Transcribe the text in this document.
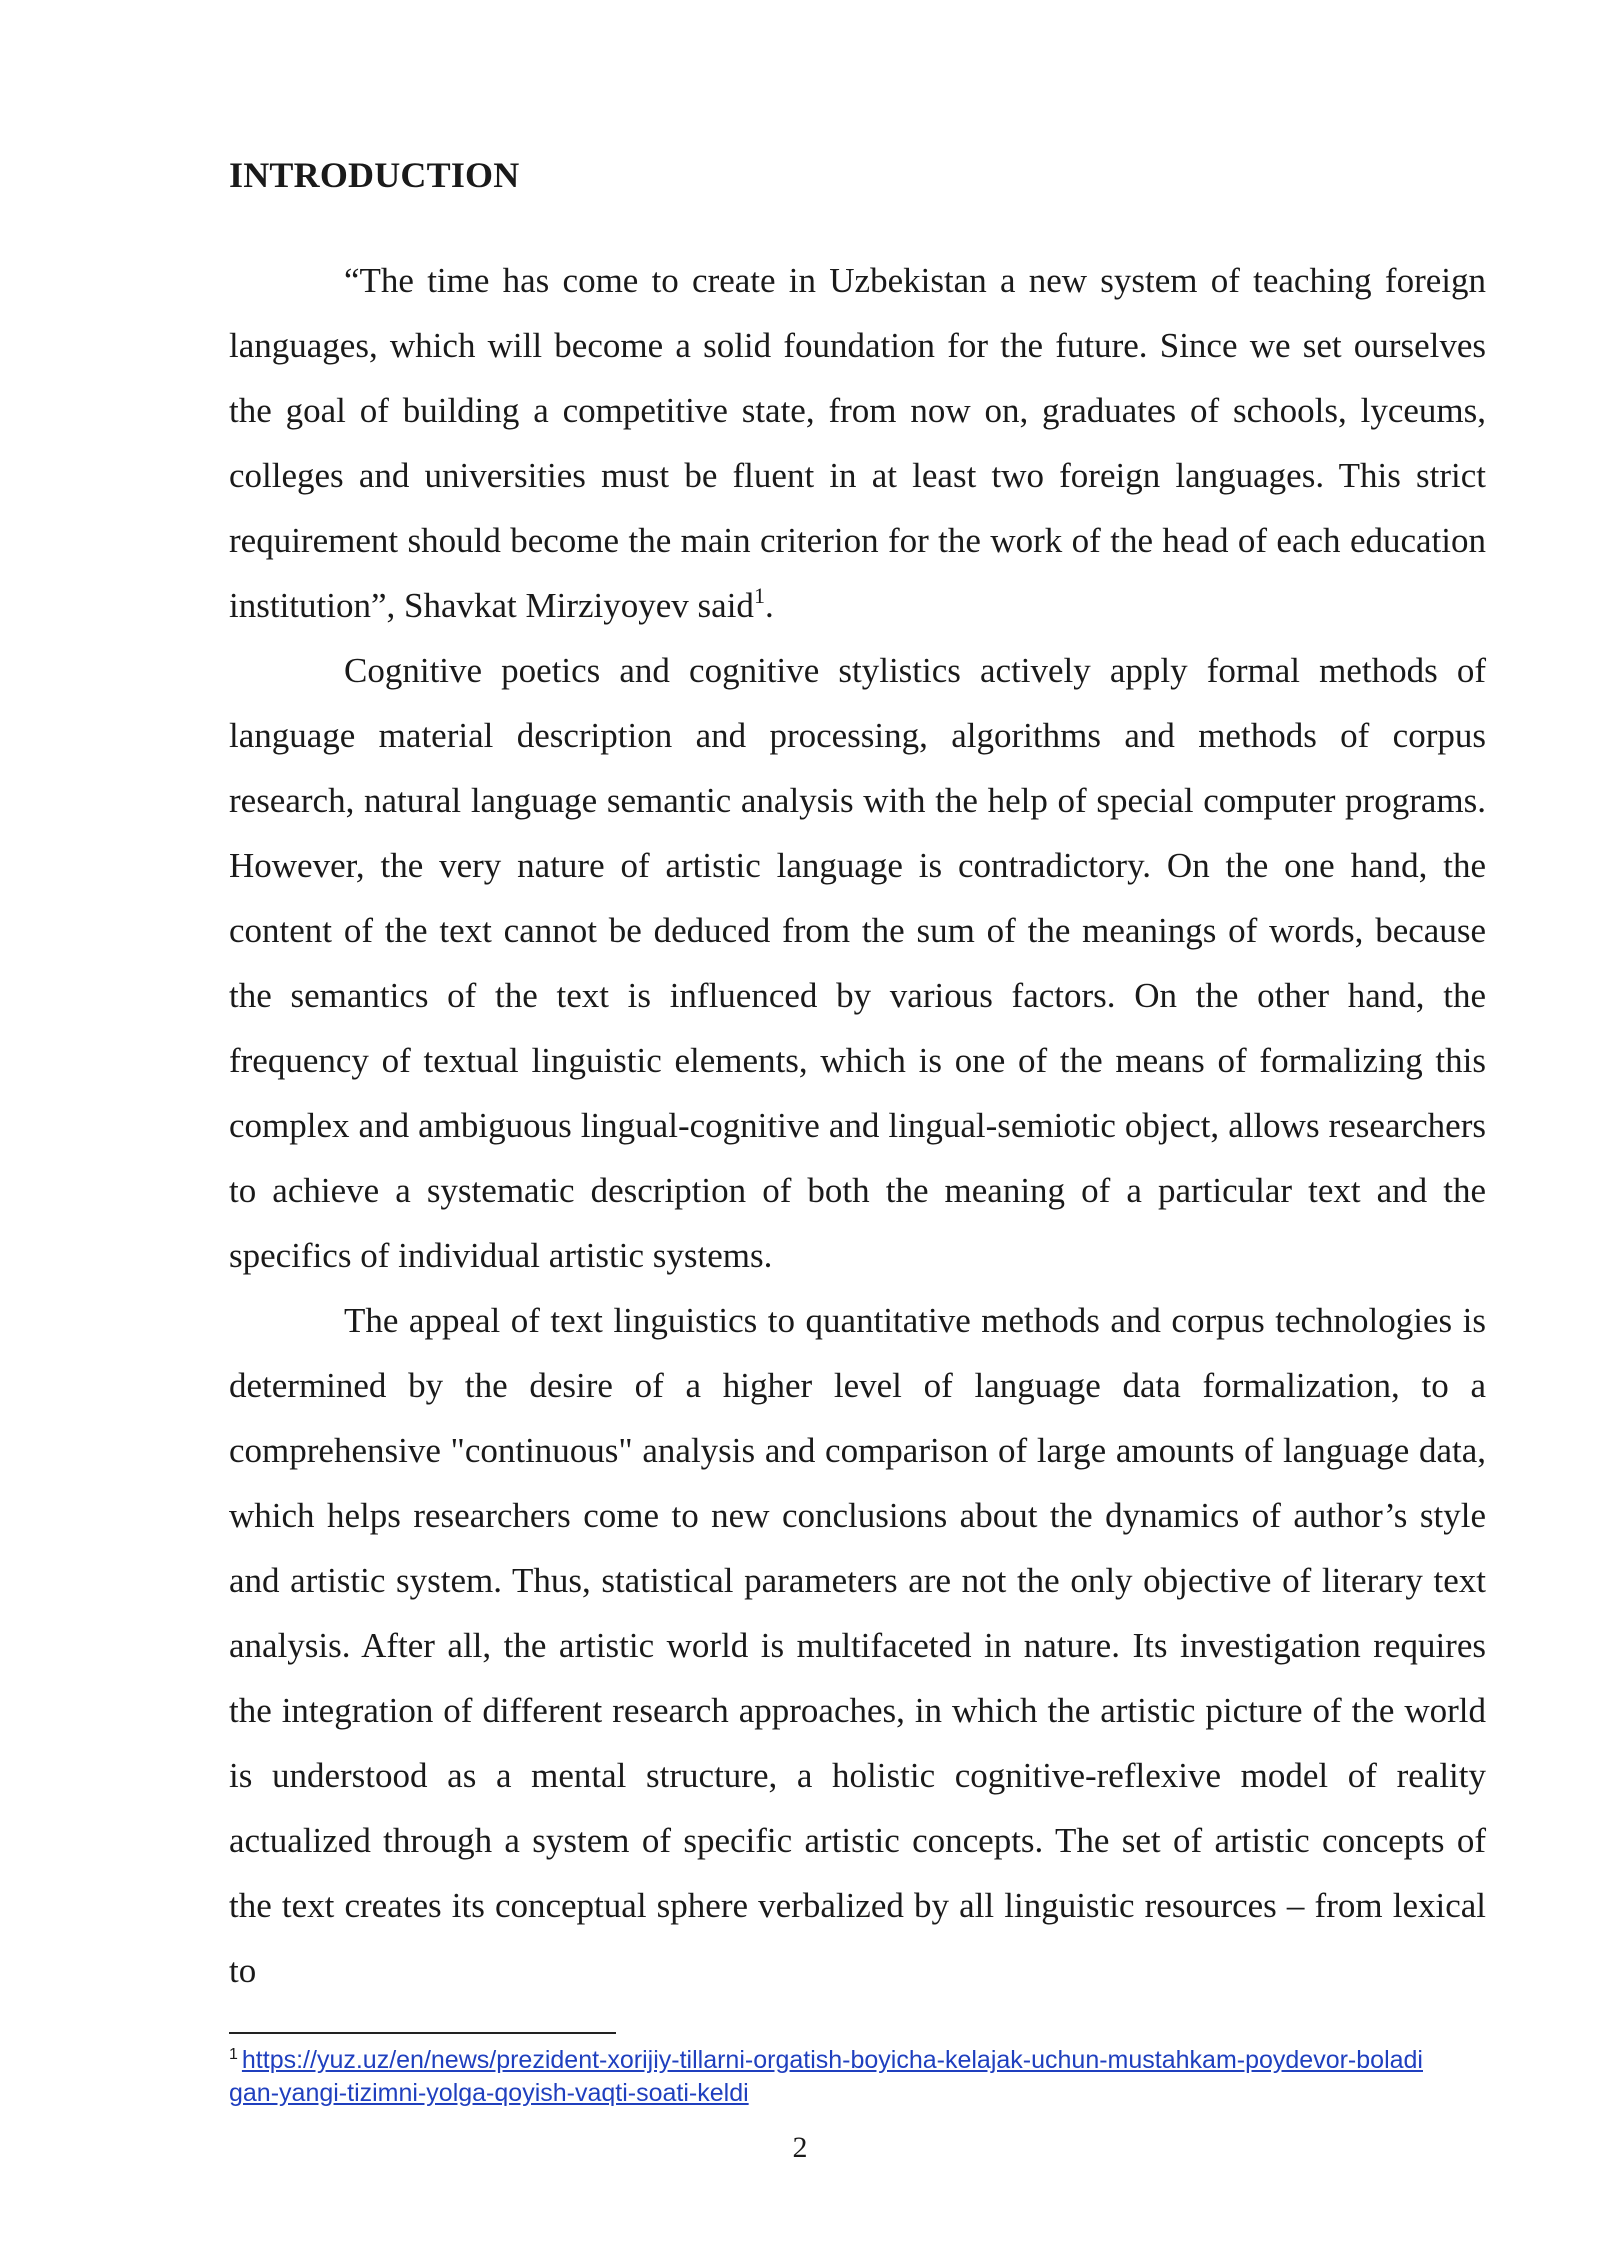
INTRODUCTION

“The time has come to create in Uzbekistan a new system of teaching foreign languages, which will become a solid foundation for the future. Since we set ourselves the goal of building a competitive state, from now on, graduates of schools, lyceums, colleges and universities must be fluent in at least two foreign languages. This strict requirement should become the main criterion for the work of the head of each education institution”, Shavkat Mirziyoyev said$^1$.

Cognitive poetics and cognitive stylistics actively apply formal methods of language material description and processing, algorithms and methods of corpus research, natural language semantic analysis with the help of special computer programs. However, the very nature of artistic language is contradictory. On the one hand, the content of the text cannot be deduced from the sum of the meanings of words, because the semantics of the text is influenced by various factors. On the other hand, the frequency of textual linguistic elements, which is one of the means of formalizing this complex and ambiguous lingual-cognitive and lingual-semiotic object, allows researchers to achieve a systematic description of both the meaning of a particular text and the specifics of individual artistic systems.

The appeal of text linguistics to quantitative methods and corpus technologies is determined by the desire of a higher level of language data formalization, to a comprehensive "continuous" analysis and comparison of large amounts of language data, which helps researchers come to new conclusions about the dynamics of author’s style and artistic system. Thus, statistical parameters are not the only objective of literary text analysis. After all, the artistic world is multifaceted in nature. Its investigation requires the integration of different research approaches, in which the artistic picture of the world is understood as a mental structure, a holistic cognitive-reflexive model of reality actualized through a system of specific artistic concepts. The set of artistic concepts of the text creates its conceptual sphere verbalized by all linguistic resources – from lexical to

$^1$ https://yuz.uz/en/news/prezident-xorijiy-tillarni-orgatish-boyicha-kelajak-uchun-mustahkam-poydevor-boladigan-yangi-tizimni-yolga-qoyish-vaqti-soati-keldi
2
